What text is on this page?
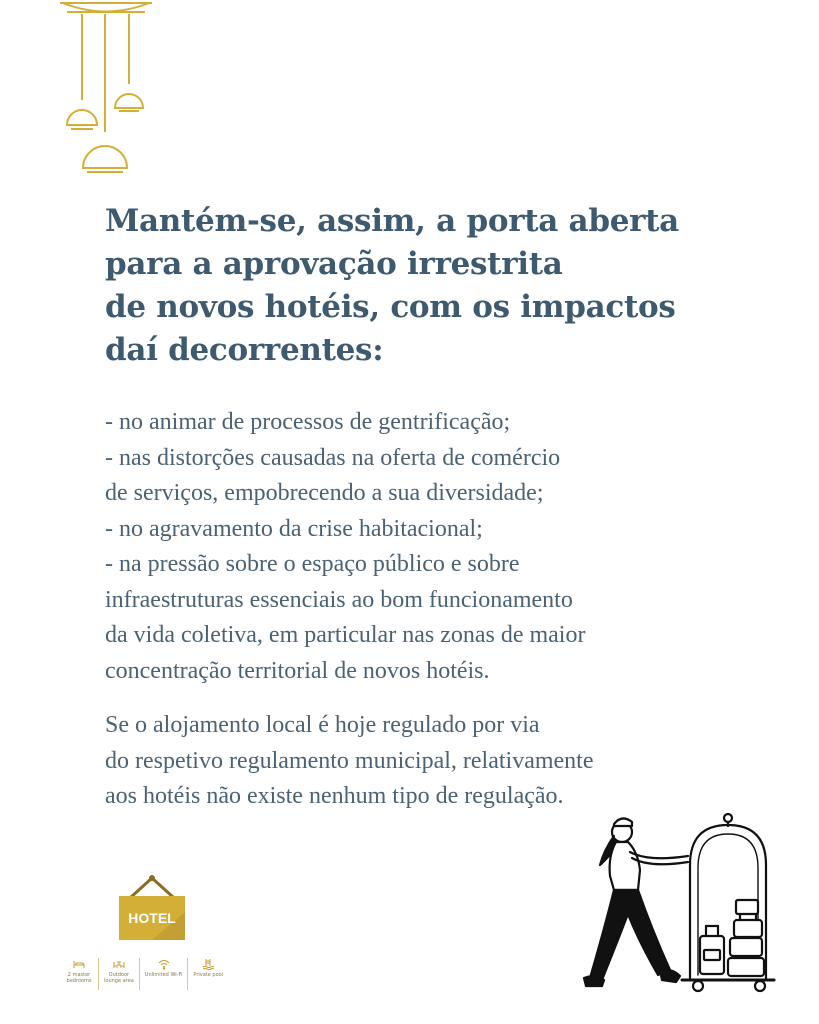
Mantém-se, assim, a porta aberta
para a aprovação irrestrita
de novos hotéis, com os impactos
daí decorrentes:
- no animar de processos de gentrificação;
- nas distorções causadas na oferta de comércio
de serviços, empobrecendo a sua diversidade;
- no agravamento da crise habitacional;
- na pressão sobre o espaço público e sobre
infraestruturas essenciais ao bom funcionamento
da vida coletiva, em particular nas zonas de maior
concentração territorial de novos hotéis.

Se o alojamento local é hoje regulado por via
do respetivo regulamento municipal, relativamente
aos hotéis não existe nenhum tipo de regulação.

HOTEL
2 master
bedrooms
Outdoor
lounge area
Unlimited Wi-Fi Private pool
